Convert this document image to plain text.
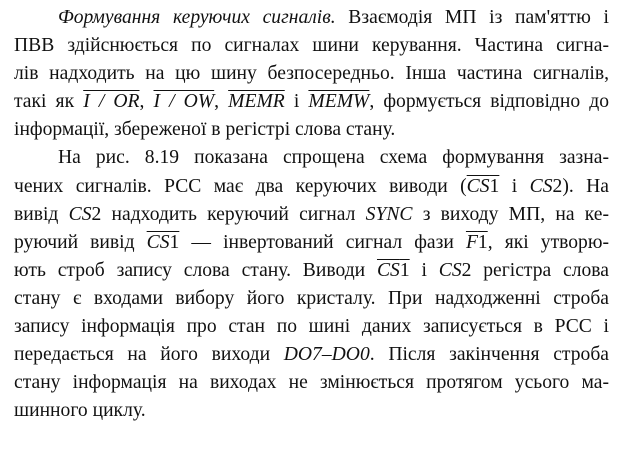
Формування керуючих сигналів. Взаємодія МП із пам'яттю і
ПВВ здійснюється по сигналах шини керування. Частина сигна-
лів надходить на цю шину безпосередньо. Інша частина сигналів,
такі як I / OR, I / OW, MEMR і MEMW, формується відповідно до
інформації, збереженої в регістрі слова стану.

На рис. 8.19 показана спрощена схема формування зазна-
чених сигналів. РСС має два керуючих виводи (CS1 і CS2). На
вивід CS2 надходить керуючий сигнал SYNC з виходу МП, на ке-
руючий вивід CS1 — інвертований сигнал фази F1, які утворю-
ють строб запису слова стану. Виводи CS1 і CS2 регістра слова
стану є входами вибору його кристалу. При надходженні строба
запису інформація про стан по шині даних записується в РСС і
передається на його виходи DO7–DO0. Після закінчення строба
стану інформація на виходах не змінюється протягом усього ма-
шинного циклу.
